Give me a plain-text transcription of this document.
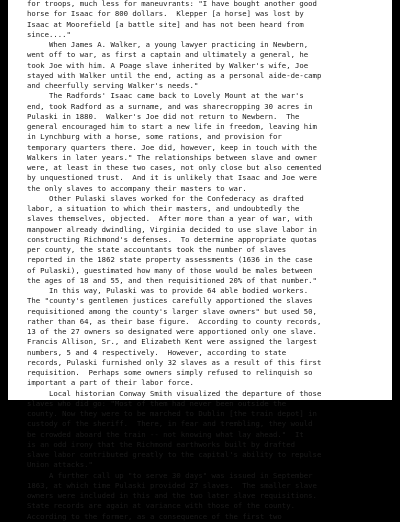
for troops, much less for maneuvrants: "I have bought another good
horse for Isaac for 800 dollars.  Klepper [a horse] was lost by
Isaac at Moorefield [a battle site] and has not been heard from
since...."
When James A. Walker, a young lawyer practicing in Newbern,
went off to war, as first a captain and ultimately a general, he
took Joe with him. A Poage slave inherited by Walker's wife, Joe
stayed with Walker until the end, acting as a personal aide-de-camp
and cheerfully serving Walker's needs."
The Radfords' Isaac came back to Lovely Mount at the war's
end, took Radford as a surname, and was sharecropping 30 acres in
Pulaski in 1880.  Walker's Joe did not return to Newbern.  The
general encouraged him to start a new life in freedom, leaving him
in Lynchburg with a horse, some rations, and provision for
temporary quarters there. Joe did, however, keep in touch with the
Walkers in later years." The relationships between slave and owner
were, at least in these two cases, not only close but also cemented
by unquestioned trust.  And it is unlikely that Isaac and Joe were
the only slaves to accompany their masters to war.
Other Pulaski slaves worked for the Confederacy as drafted
labor, a situation to which their masters, and undoubtedly the
slaves themselves, objected.  After more than a year of war, with
manpower already dwindling, Virginia decided to use slave labor in
constructing Richmond's defenses.  To determine appropriate quotas
per county, the state accountants took the number of slaves
reported in the 1862 state property assessments (1636 in the case
of Pulaski), guestimated how many of those would be males between
the ages of 18 and 55, and then requisitioned 20% of that number."
In this way, Pulaski was to provide 64 able bodied workers.
The "county's gentlemen justices carefully apportioned the slaves
requisitioned among the county's larger slave owners" but used 50,
rather than 64, as their base figure.  According to county records,
13 of the 27 owners so designated were apportioned only one slave.
Francis Allison, Sr., and Elizabeth Kent were assigned the largest
numbers, 5 and 4 respectively.  However, according to state
records, Pulaski furnished only 32 slaves as a result of this first
requisition.  Perhaps some owners simply refused to relinquish so
important a part of their labor force.
Local historian Conway Smith visualized the departure of those
slaves who did go: "Most of them had never been outside the
county. Now they were to be marched to Dublin [the train depot] in
custody of the sheriff.  There, in fear and trembling, they would
be crowded aboard the train -- not knowing what lay ahead."  It
is an odd irony that the Richmond earthworks built by drafted
slave labor contributed greatly to the capital's ability to repulse
Union attacks."
A further call up "to serve 30 days" was issued in September
1863, at which time Pulaski provided 27 slaves.  The smaller slave
owners were included in this and the two later slave requisitions.
State records are again at variance with those of the county.
According to the former, as a consequence of the first two
